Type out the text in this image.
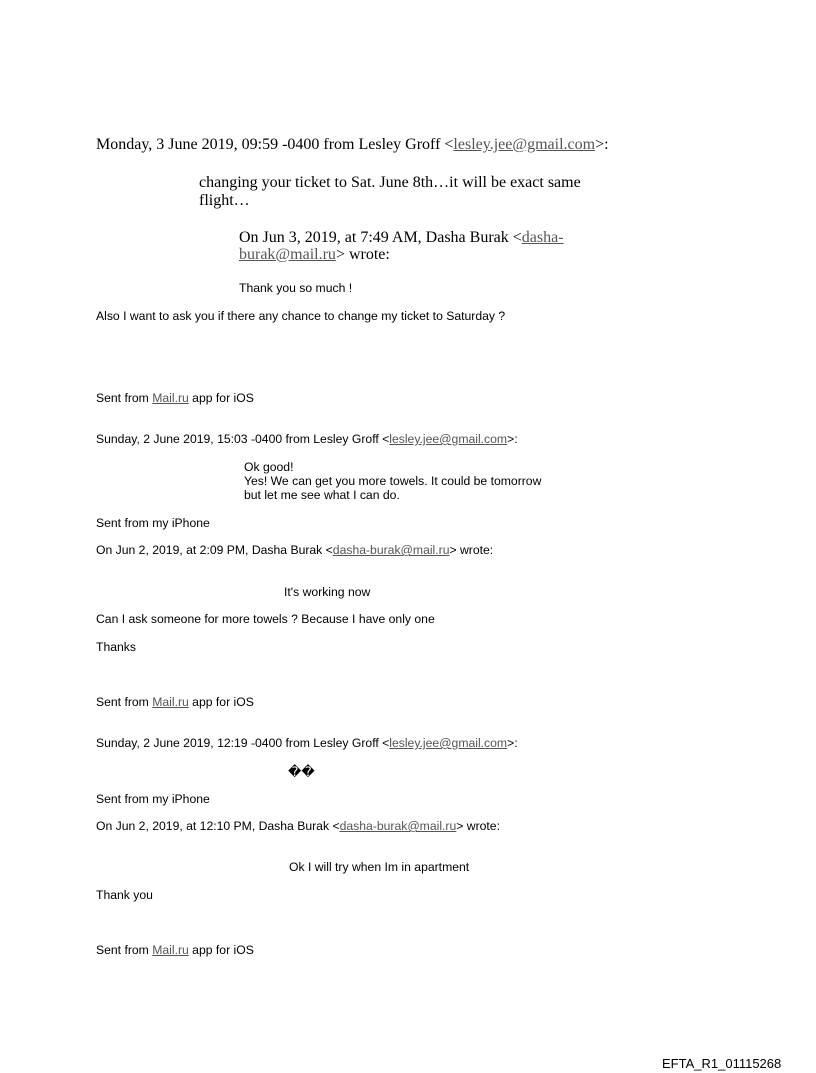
Monday, 3 June 2019, 09:59 -0400 from Lesley Groff <lesley.jee@gmail.com>:
changing your ticket to Sat. June 8th…it will be exact same
flight…
On Jun 3, 2019, at 7:49 AM, Dasha Burak <dasha-
burak@mail.ru> wrote:
Thank you so much !
Also I want to ask you if there any chance to change my ticket to Saturday ?
Sent from Mail.ru app for iOS
Sunday, 2 June 2019, 15:03 -0400 from Lesley Groff <lesley.jee@gmail.com>:
Ok good!
Yes! We can get you more towels. It could be tomorrow
but let me see what I can do.
Sent from my iPhone
On Jun 2, 2019, at 2:09 PM, Dasha Burak <dasha-burak@mail.ru> wrote:
It's working now
Can I ask someone for more towels ? Because I have only one
Thanks
Sent from Mail.ru app for iOS
Sunday, 2 June 2019, 12:19 -0400 from Lesley Groff <lesley.jee@gmail.com>:
��
Sent from my iPhone
On Jun 2, 2019, at 12:10 PM, Dasha Burak <dasha-burak@mail.ru> wrote:
Ok I will try when Im in apartment
Thank you
Sent from Mail.ru app for iOS
EFTA_R1_01115268
